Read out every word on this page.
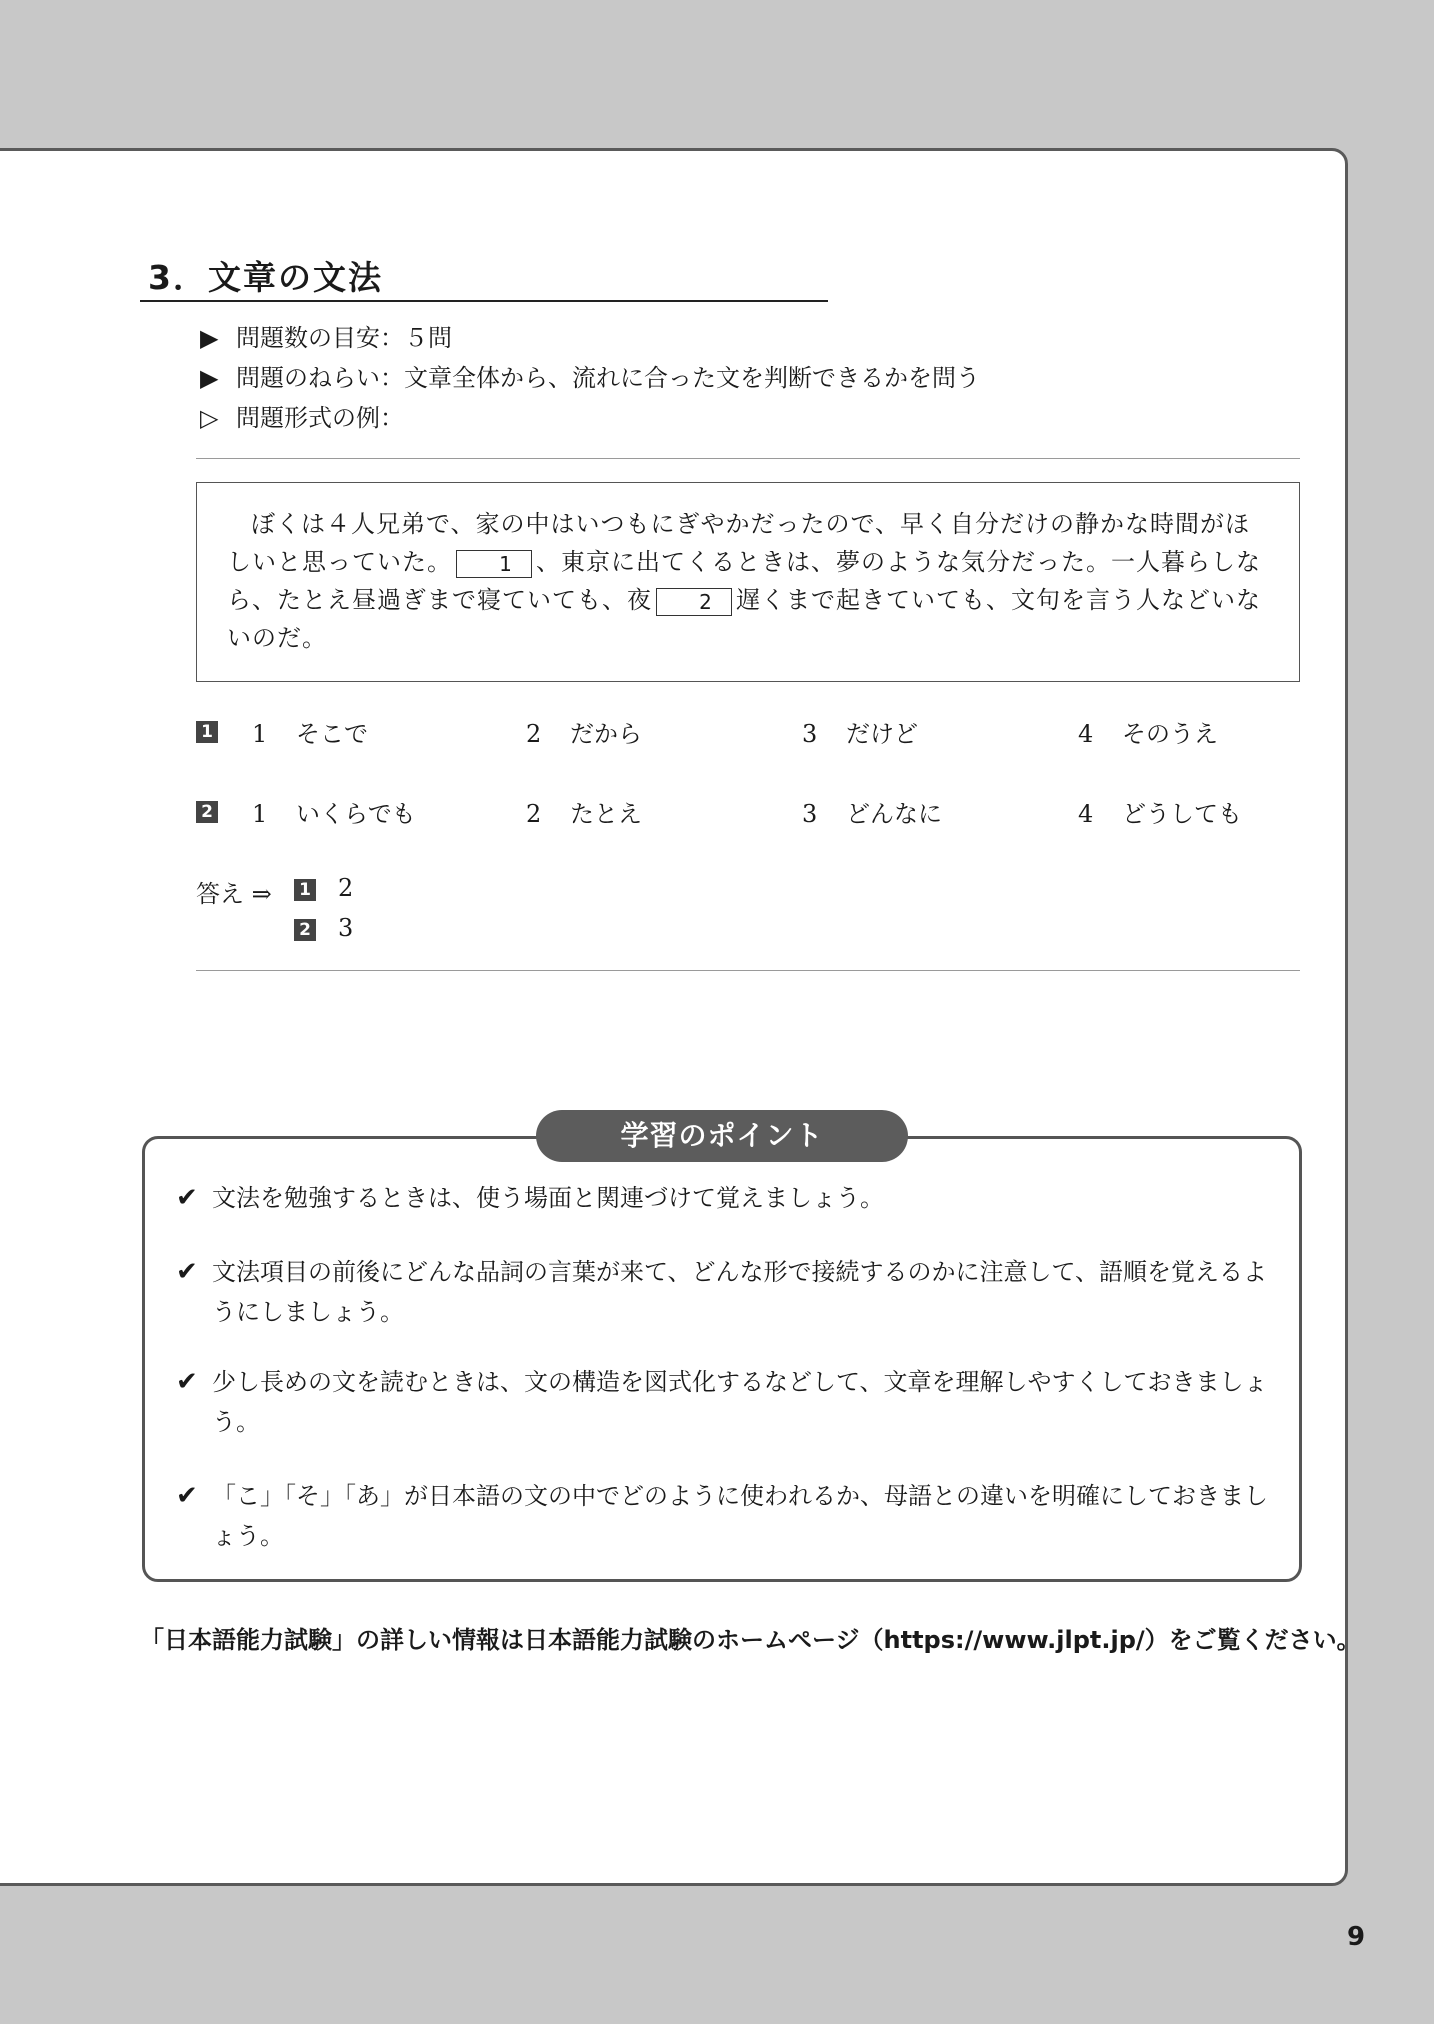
3．文章の文法
▶ 問題数の目安：５問
▶ 問題のねらい：文章全体から、流れに合った文を判断できるかを問う
▷ 問題形式の例：

ぼくは４人兄弟で、家の中はいつもにぎやかだったので、早く自分だけの静かな時間がほしいと思っていた。 1 、東京に出てくるときは、夢のような気分だった。一人暮らしなら、たとえ昼過ぎまで寝ていても、夜 2 遅くまで起きていても、文句を言う人などいないのだ。

1 1 そこで	2 だから	3 だけど	4 そのうえ
2 1 いくらでも	2 たとえ	3 どんなに	4 どうしても
答え ⇒ 1 2
2 3
学習のポイント
✔ 文法を勉強するときは、使う場面と関連づけて覚えましょう。
✔ 文法項目の前後にどんな品詞の言葉が来て、どんな形で接続するのかに注意して、語順を覚えるようにしましょう。
✔ 少し長めの文を読むときは、文の構造を図式化するなどして、文章を理解しやすくしておきましょう。
✔ 「こ」「そ」「あ」が日本語の文の中でどのように使われるか、母語との違いを明確にしておきましょう。
「日本語能力試験」の詳しい情報は日本語能力試験のホームページ（https://www.jlpt.jp/）をご覧ください。
9
